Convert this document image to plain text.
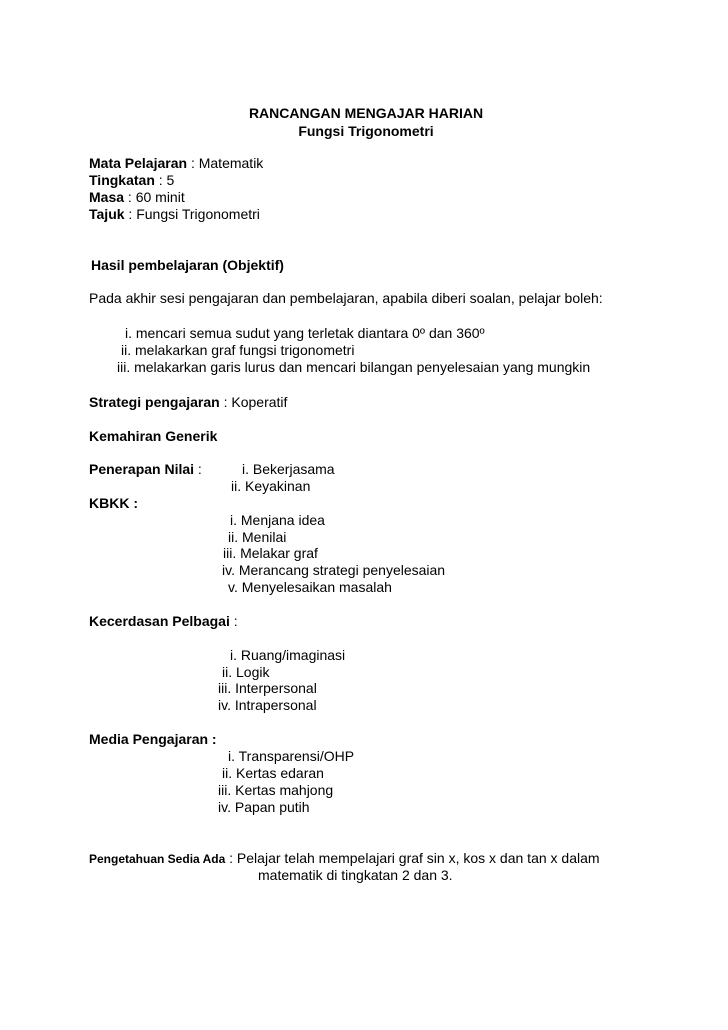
RANCANGAN MENGAJAR HARIAN
Fungsi Trigonometri
Mata Pelajaran : Matematik
Tingkatan : 5
Masa : 60 minit
Tajuk : Fungsi Trigonometri
Hasil pembelajaran (Objektif)
Pada akhir sesi pengajaran dan pembelajaran, apabila diberi soalan, pelajar boleh:
i. mencari semua sudut yang terletak diantara 0º dan 360º
ii. melakarkan graf fungsi trigonometri
iii. melakarkan garis lurus dan mencari bilangan penyelesaian yang mungkin
Strategi pengajaran : Koperatif
Kemahiran Generik
Penerapan Nilai :	i. Bekerjasama
ii. Keyakinan
KBKK :
i. Menjana idea
ii. Menilai
iii. Melakar graf
iv. Merancang strategi penyelesaian
v. Menyelesaikan masalah
Kecerdasan Pelbagai :
i. Ruang/imaginasi
ii. Logik
iii. Interpersonal
iv. Intrapersonal
Media Pengajaran :
i. Transparensi/OHP
ii. Kertas edaran
iii. Kertas mahjong
iv. Papan putih
Pengetahuan Sedia Ada : Pelajar telah mempelajari graf sin x, kos x dan tan x dalam
matematik di tingkatan 2 dan 3.
